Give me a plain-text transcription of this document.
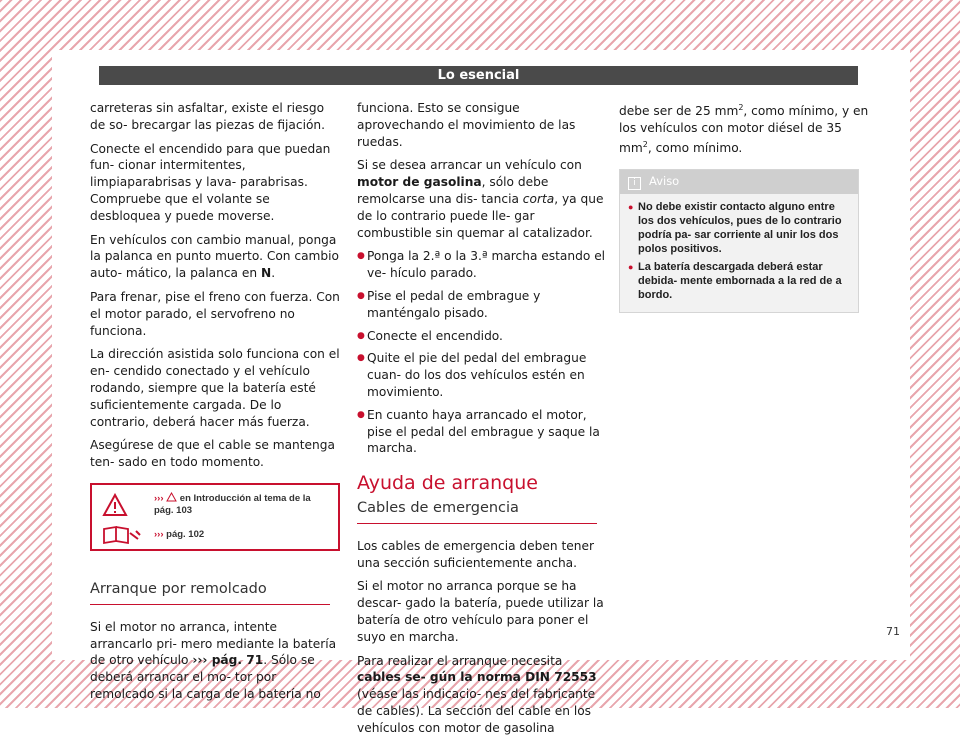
Lo esencial

carreteras sin asfaltar, existe el riesgo de so- brecargar las piezas de fijación.

Conecte el encendido para que puedan fun- cionar intermitentes, limpiaparabrisas y lava- parabrisas. Compruebe que el volante se desbloquea y puede moverse.

En vehículos con cambio manual, ponga la palanca en punto muerto. Con cambio auto- mático, la palanca en N.

Para frenar, pise el freno con fuerza. Con el motor parado, el servofreno no funciona.

La dirección asistida solo funciona con el en- cendido conectado y el vehículo rodando, siempre que la batería esté suficientemente cargada. De lo contrario, deberá hacer más fuerza.

Asegúrese de que el cable se mantenga ten- sado en todo momento.

››› en Introducción al tema de la pág. 103
››› pág. 102
Arranque por remolcado

Si el motor no arranca, intente arrancarlo pri- mero mediante la batería de otro vehículo ››› pág. 71. Sólo se deberá arrancar el mo- tor por remolcado si la carga de la batería no

funciona. Esto se consigue aprovechando el movimiento de las ruedas.

Si se desea arrancar un vehículo con motor de gasolina, sólo debe remolcarse una dis- tancia corta, ya que de lo contrario puede lle- gar combustible sin quemar al catalizador.

● Ponga la 2.ª o la 3.ª marcha estando el ve- hículo parado.
● Pise el pedal de embrague y manténgalo pisado.
● Conecte el encendido.
● Quite el pie del pedal del embrague cuan- do los dos vehículos estén en movimiento.
● En cuanto haya arrancado el motor, pise el pedal del embrague y saque la marcha.
Ayuda de arranque
Cables de emergencia

Los cables de emergencia deben tener una sección suficientemente ancha.

Si el motor no arranca porque se ha descar- gado la batería, puede utilizar la batería de otro vehículo para poner el suyo en marcha.

Para realizar el arranque necesita cables se- gún la norma DIN 72553 (véase las indicacio- nes del fabricante de cables). La sección del cable en los vehículos con motor de gasolina

debe ser de 25 $mm^2$, como mínimo, y en los vehículos con motor diésel de 35 $mm^2$, como mínimo.

i Aviso
● No debe existir contacto alguno entre los dos vehículos, pues de lo contrario podría pa- sar corriente al unir los dos polos positivos.
● La batería descargada deberá estar debida- mente embornada a la red de a bordo.
71
